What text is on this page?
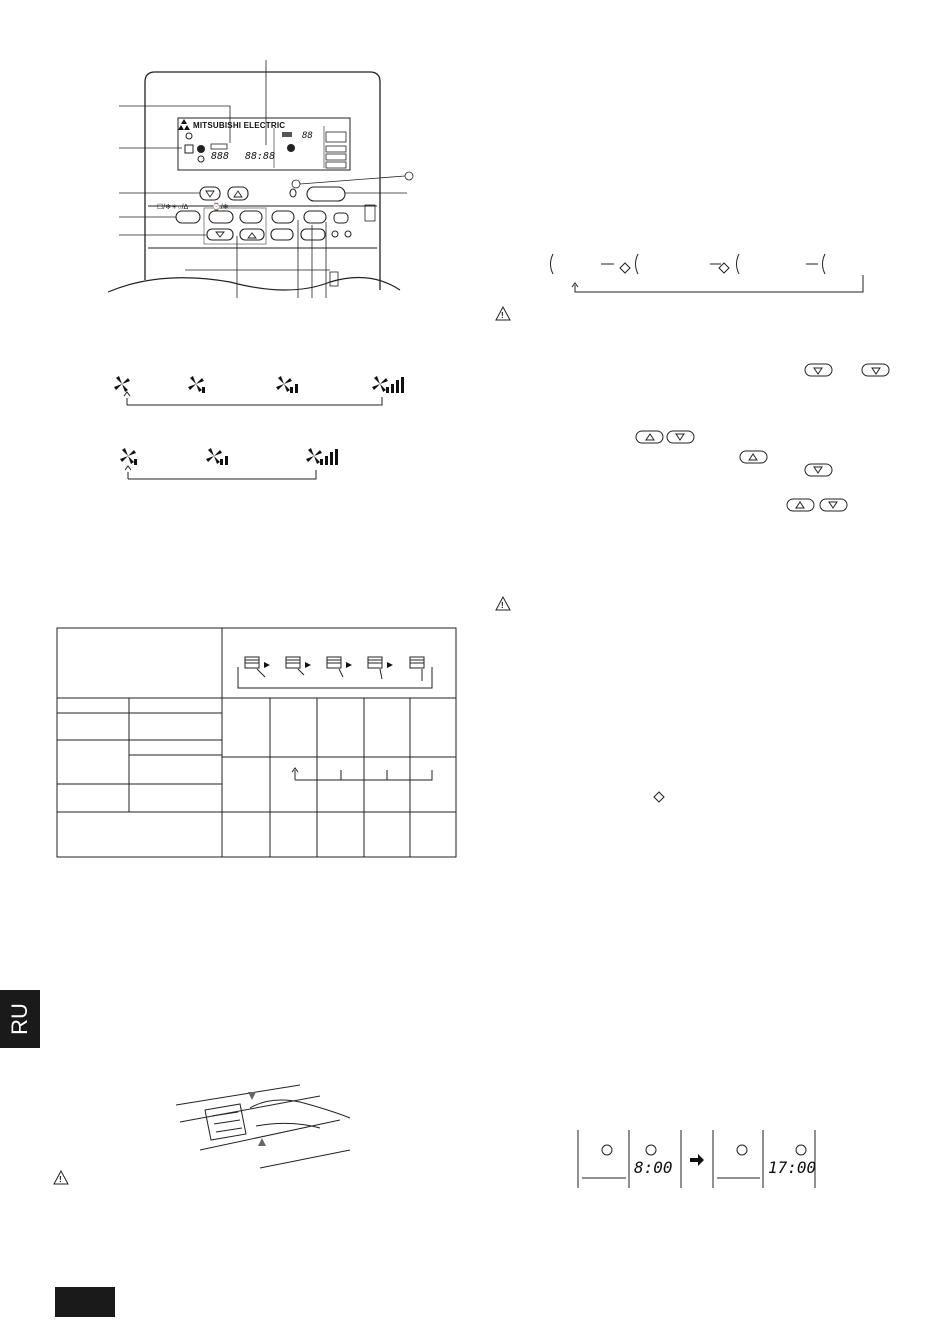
MITSUBISHI ELECTRIC
888 88:88
88
☐/❄☀○/Δ	⌚/❄
!
!
!
8:00	17:00
RU
